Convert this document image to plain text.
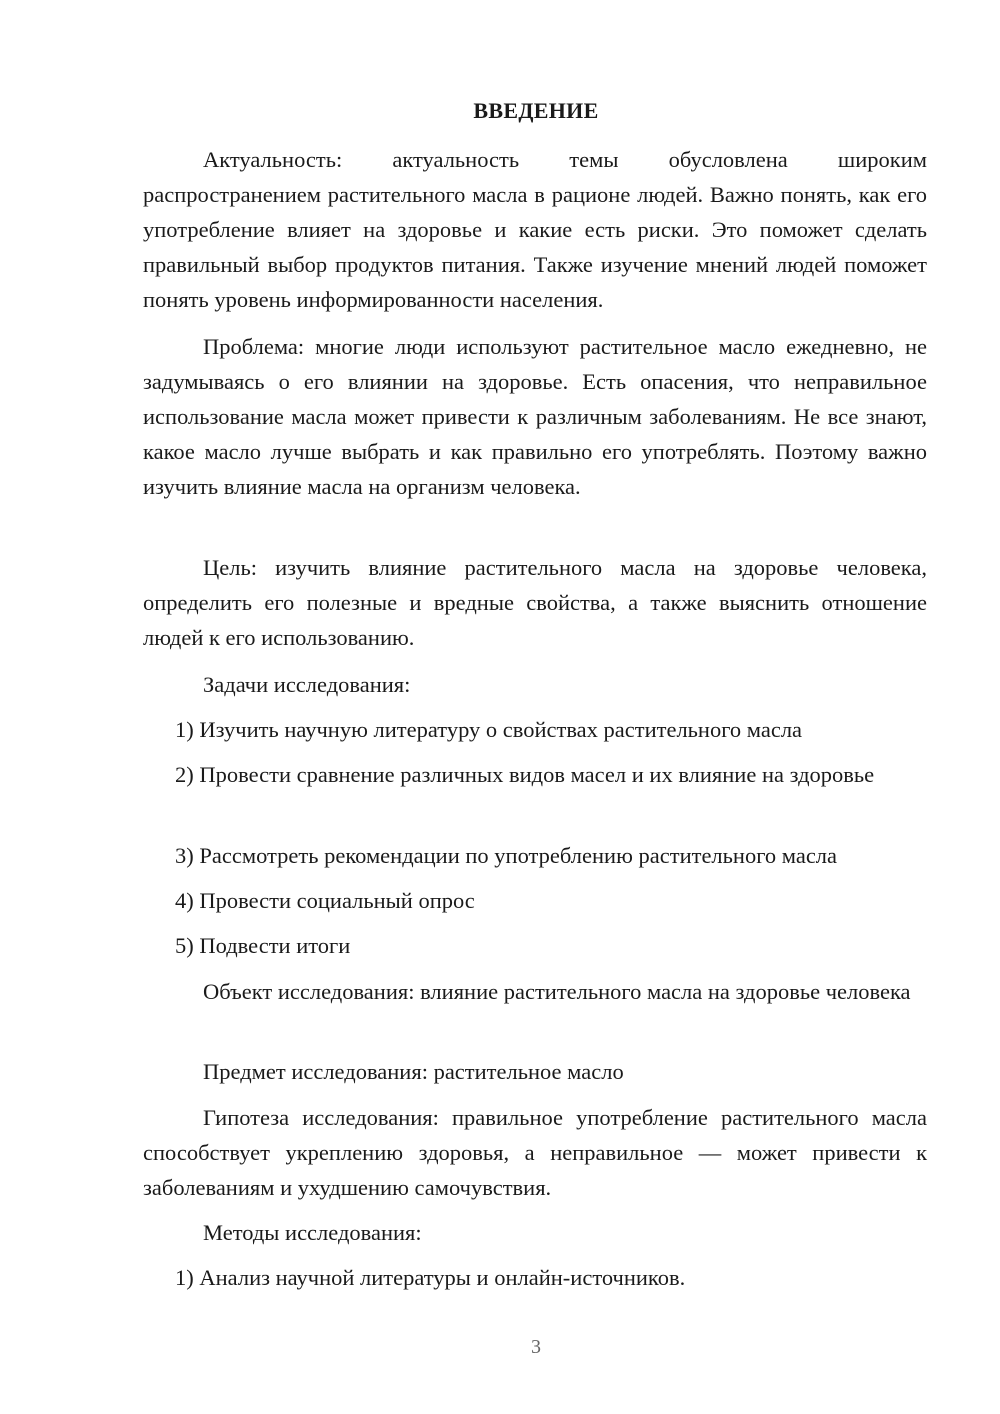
ВВЕДЕНИЕ

Актуальность: актуальность темы обусловлена широким распространением растительного масла в рационе людей. Важно понять, как его употребление влияет на здоровье и какие есть риски. Это поможет сделать правильный выбор продуктов питания. Также изучение мнений людей поможет понять уровень информированности населения.

Проблема: многие люди используют растительное масло ежедневно, не задумываясь о его влиянии на здоровье. Есть опасения, что неправильное использование масла может привести к различным заболеваниям. Не все знают, какое масло лучше выбрать и как правильно его употреблять. Поэтому важно изучить влияние масла на организм человека.

Цель: изучить влияние растительного масла на здоровье человека, определить его полезные и вредные свойства, а также выяснить отношение людей к его использованию.

Задачи исследования:

1) Изучить научную литературу о свойствах растительного масла

2) Провести сравнение различных видов масел и их влияние на здоровье

3) Рассмотреть рекомендации по употреблению растительного масла

4) Провести социальный опрос

5) Подвести итоги

Объект исследования: влияние растительного масла на здоровье человека

Предмет исследования: растительное масло

Гипотеза исследования: правильное употребление растительного масла способствует укреплению здоровья, а неправильное — может привести к заболеваниям и ухудшению самочувствия.

Методы исследования:

1) Анализ научной литературы и онлайн-источников.

3
